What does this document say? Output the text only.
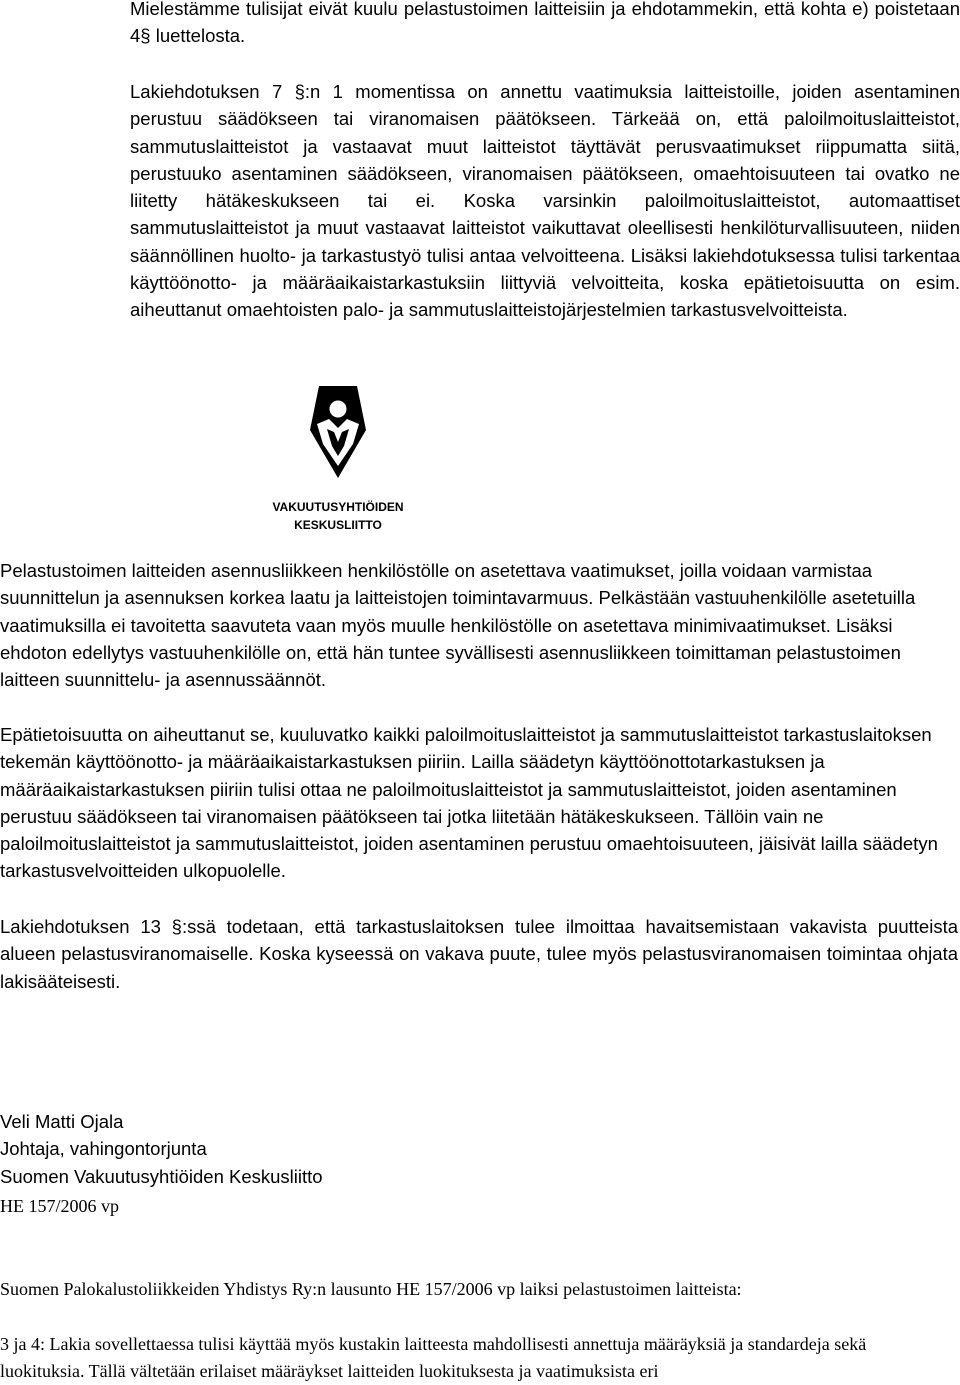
Mielestämme tulisijat eivät kuulu pelastustoimen laitteisiin ja ehdotammekin, että kohta e) poistetaan 4§ luettelosta.

Lakiehdotuksen 7 §:n 1 momentissa on annettu vaatimuksia laitteistoille, joiden asentaminen perustuu säädökseen tai viranomaisen päätökseen. Tärkeää on, että paloilmoituslaitteistot, sammutuslaitteistot ja vastaavat muut laitteistot täyttävät perusvaatimukset riippumatta siitä, perustuuko asentaminen säädökseen, viranomaisen päätökseen, omaehtoisuuteen tai ovatko ne liitetty hätäkeskukseen tai ei. Koska varsinkin paloilmoituslaitteistot, automaattiset sammutuslaitteistot ja muut vastaavat laitteistot vaikuttavat oleellisesti henkilöturvallisuuteen, niiden säännöllinen huolto- ja tarkastustyö tulisi antaa velvoitteena. Lisäksi lakiehdotuksessa tulisi tarkentaa käyttöönotto- ja määräaikaistarkastuksiin liittyviä velvoitteita, koska epätietoisuutta on esim. aiheuttanut omaehtoisten palo- ja sammutuslaitteistojärjestelmien tarkastusvelvoitteista.

VAKUUTUSYHTIÖIDEN
KESKUSLIITTO

Pelastustoimen laitteiden asennusliikkeen henkilöstölle on asetettava vaatimukset, joilla voidaan varmistaa suunnittelun ja asennuksen korkea laatu ja laitteistojen toimintavarmuus. Pelkästään vastuuhenkilölle asetetuilla vaatimuksilla ei tavoitetta saavuteta vaan myös muulle henkilöstölle on asetettava minimivaatimukset. Lisäksi ehdoton edellytys vastuuhenkilölle on, että hän tuntee syvällisesti asennusliikkeen toimittaman pelastustoimen laitteen suunnittelu- ja asennussäännöt.

Epätietoisuutta on aiheuttanut se, kuuluvatko kaikki paloilmoituslaitteistot ja sammutuslaitteistot tarkastuslaitoksen tekemän käyttöönotto- ja määräaikaistarkastuksen piiriin. Lailla säädetyn käyttöönottotarkastuksen ja määräaikaistarkastuksen piiriin tulisi ottaa ne paloilmoituslaitteistot ja sammutuslaitteistot, joiden asentaminen perustuu säädökseen tai viranomaisen päätökseen tai jotka liitetään hätäkeskukseen. Tällöin vain ne paloilmoituslaitteistot ja sammutuslaitteistot, joiden asentaminen perustuu omaehtoisuuteen, jäisivät lailla säädetyn tarkastusvelvoitteiden ulkopuolelle.

Lakiehdotuksen 13 §:ssä todetaan, että tarkastuslaitoksen tulee ilmoittaa havaitsemistaan vakavista puutteista alueen pelastusviranomaiselle. Koska kyseessä on vakava puute, tulee myös pelastusviranomaisen toimintaa ohjata lakisääteisesti.

Veli Matti Ojala
Johtaja, vahingontorjunta
Suomen Vakuutusyhtiöiden Keskusliitto
HE 157/2006 vp

Suomen Palokalustoliikkeiden Yhdistys Ry:n lausunto HE 157/2006 vp laiksi pelastustoimen laitteista:

3 ja 4: Lakia sovellettaessa tulisi käyttää myös kustakin laitteesta mahdollisesti annettuja määräyksiä ja standardeja sekä luokituksia. Tällä vältetään erilaiset määräykset laitteiden luokituksesta ja vaatimuksista eri
